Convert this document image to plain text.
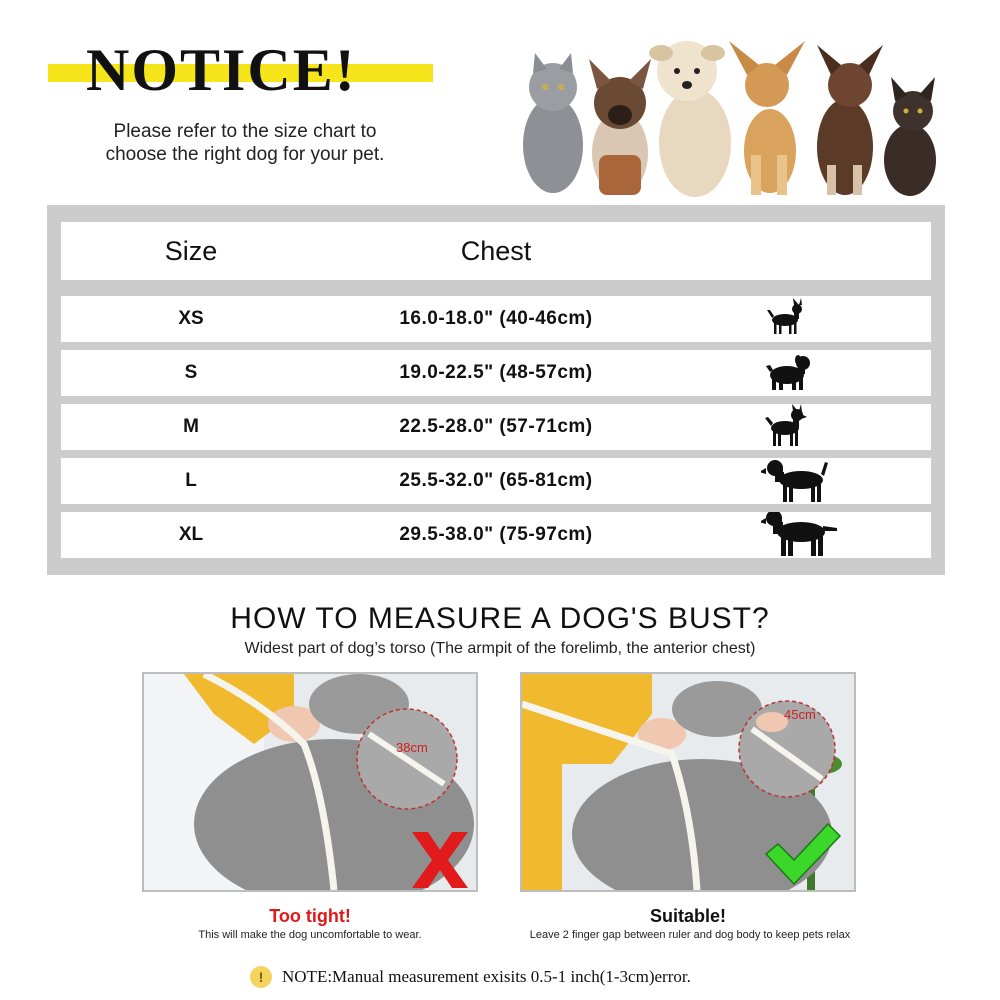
NOTICE!
Please refer to the size chart to
choose the right dog for your pet.
Size	Chest
XS	16.0-18.0" (40-46cm)
S	19.0-22.5" (48-57cm)
M	22.5-28.0" (57-71cm)
L	25.5-32.0" (65-81cm)
XL	29.5-38.0" (75-97cm)
HOW TO MEASURE A DOG'S BUST?
Widest part of dog’s torso (The armpit of the forelimb, the anterior chest)
38cm
45cm
Too tight!	Suitable!
This will make the dog uncomfortable to wear.	Leave 2 finger gap between ruler and dog body to keep pets relax
!	NOTE:Manual measurement exisits 0.5-1 inch(1-3cm)error.
